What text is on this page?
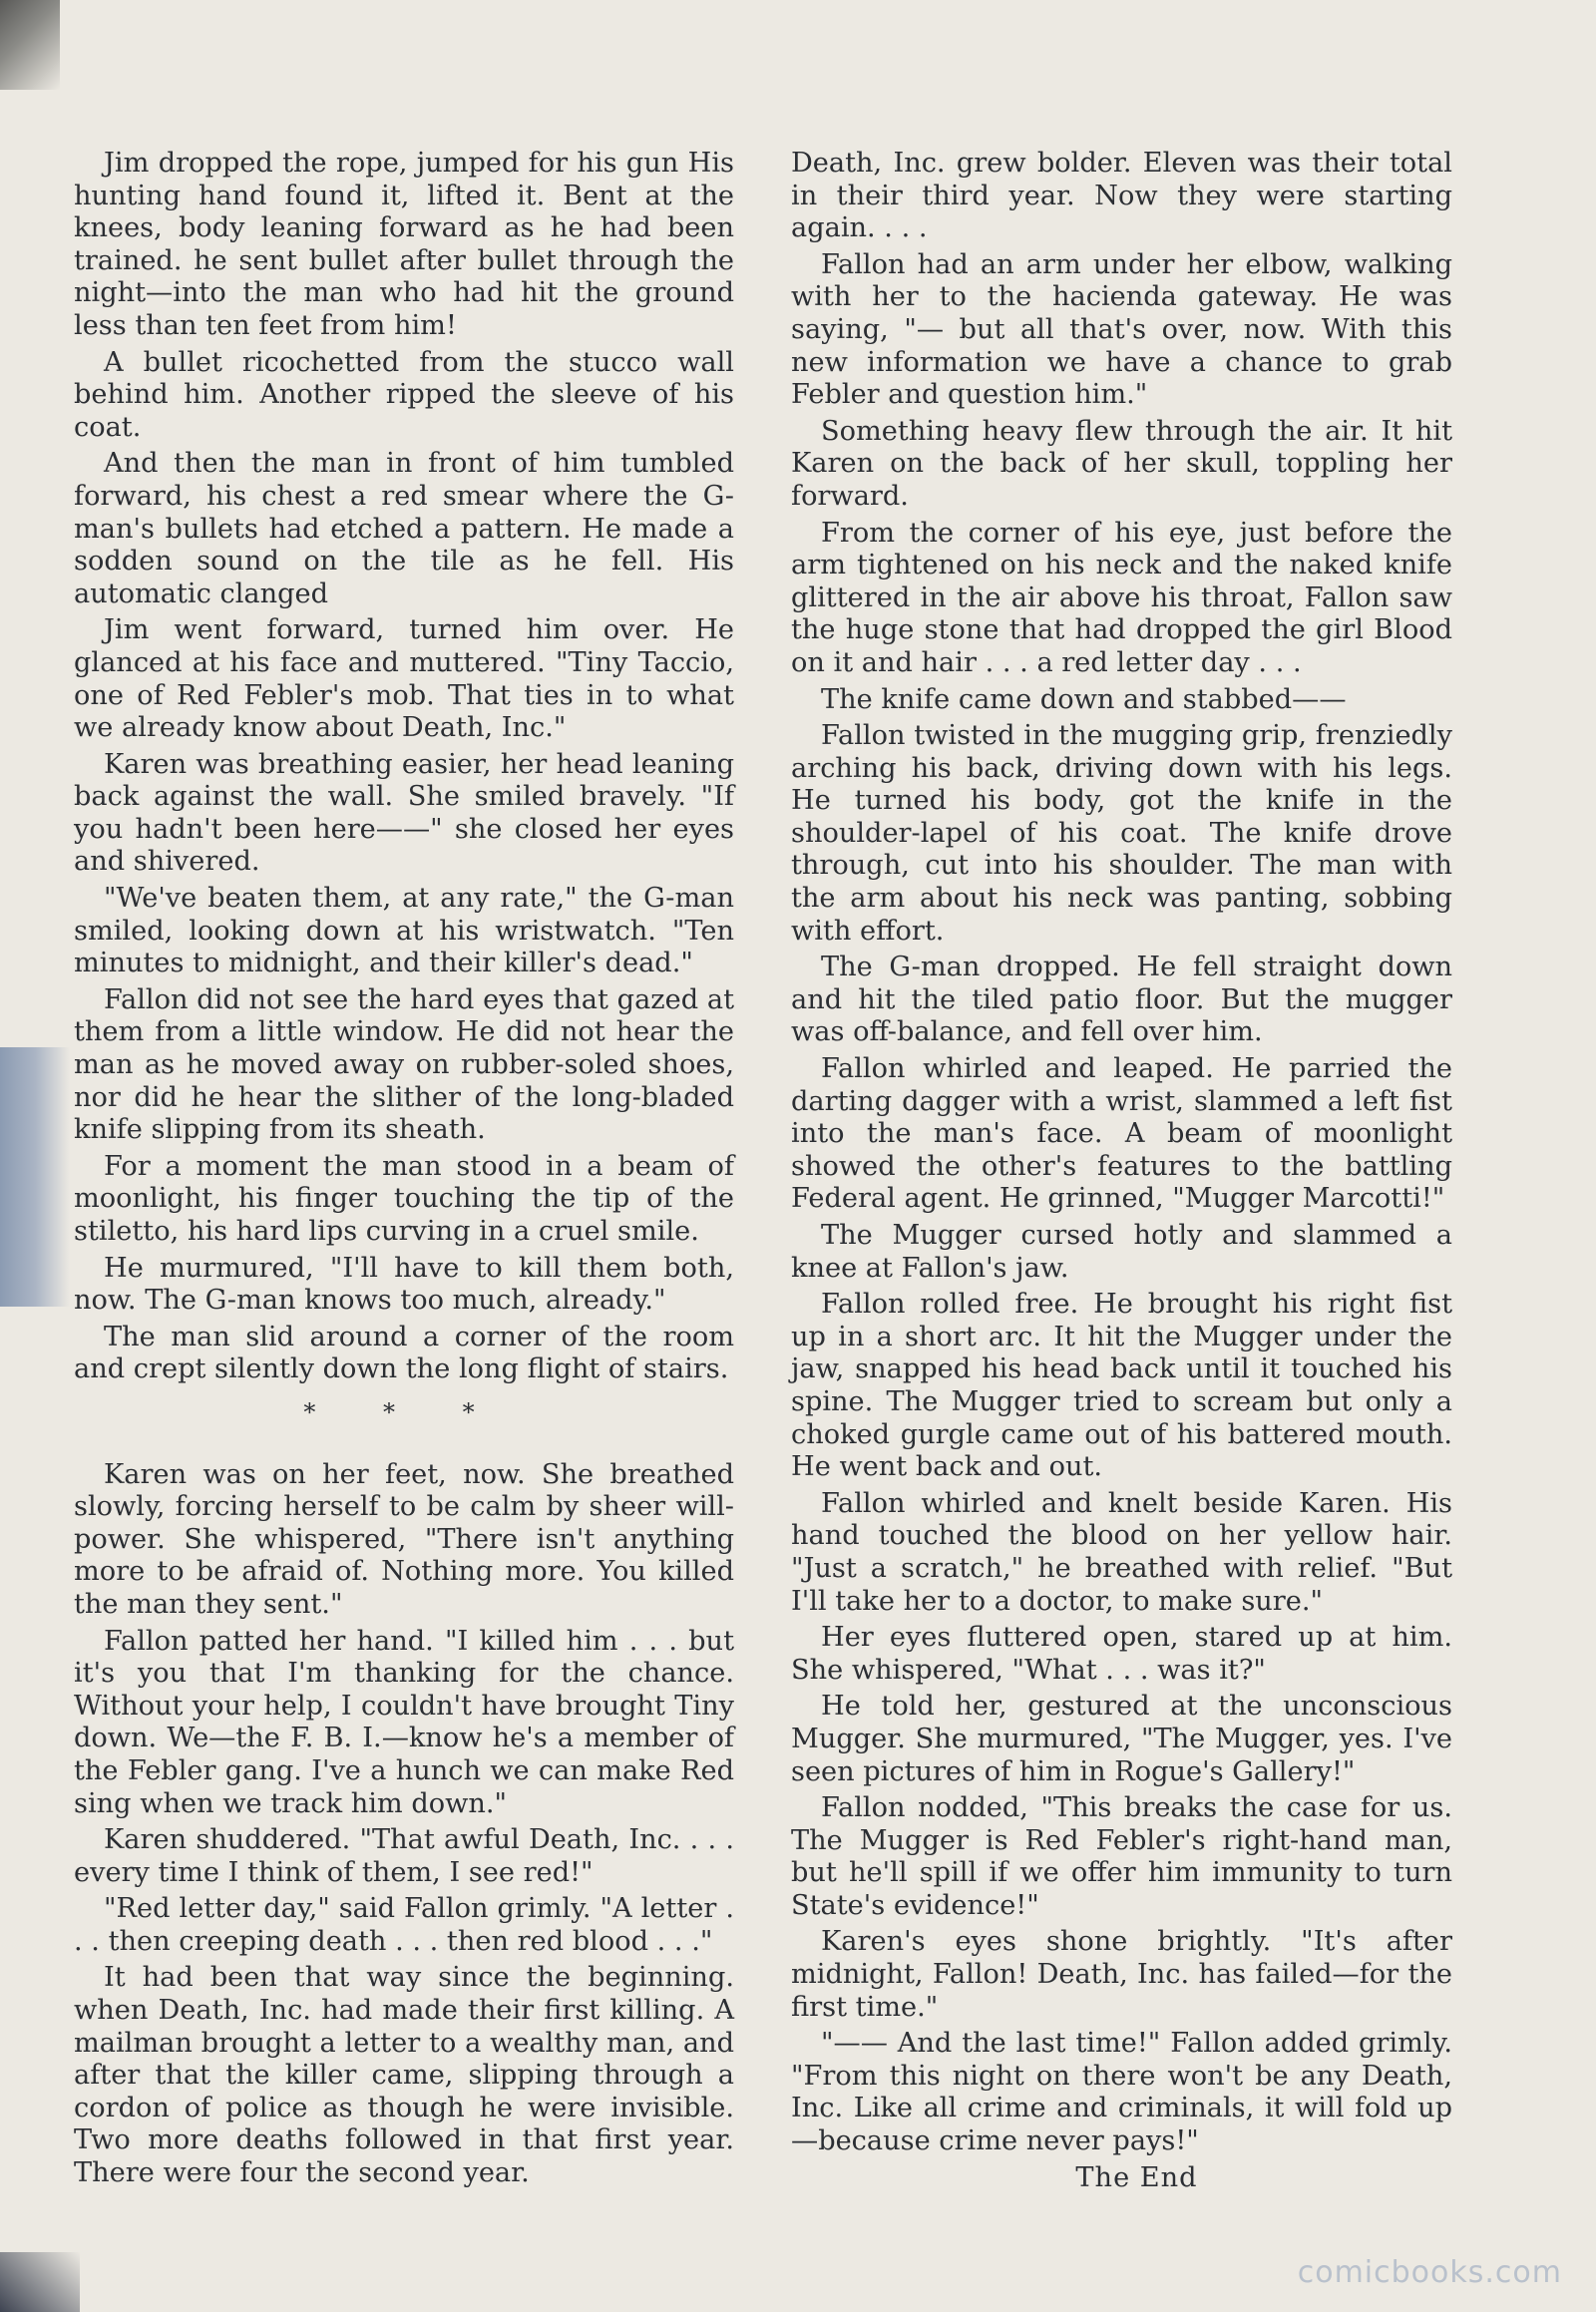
Jim dropped the rope, jumped for his gun His hunting hand found it, lifted it. Bent at the knees, body leaning forward as he had been trained. he sent bullet after bullet through the night—into the man who had hit the ground less than ten feet from him!

A bullet ricochetted from the stucco wall behind him. Another ripped the sleeve of his coat.

And then the man in front of him tumbled forward, his chest a red smear where the G-man's bullets had etched a pattern. He made a sodden sound on the tile as he fell. His automatic clanged

Jim went forward, turned him over. He glanced at his face and muttered. "Tiny Taccio, one of Red Febler's mob. That ties in to what we already know about Death, Inc."

Karen was breathing easier, her head leaning back against the wall. She smiled bravely. "If you hadn't been here——" she closed her eyes and shivered.

"We've beaten them, at any rate," the G-man smiled, looking down at his wristwatch. "Ten minutes to midnight, and their killer's dead."

Fallon did not see the hard eyes that gazed at them from a little window. He did not hear the man as he moved away on rubber-soled shoes, nor did he hear the slither of the long-bladed knife slipping from its sheath.

For a moment the man stood in a beam of moonlight, his finger touching the tip of the stiletto, his hard lips curving in a cruel smile.

He murmured, "I'll have to kill them both, now. The G-man knows too much, already."

The man slid around a corner of the room and crept silently down the long flight of stairs.

* * *

Karen was on her feet, now. She breathed slowly, forcing herself to be calm by sheer will-power. She whispered, "There isn't anything more to be afraid of. Nothing more. You killed the man they sent."

Fallon patted her hand. "I killed him . . . but it's you that I'm thanking for the chance. Without your help, I couldn't have brought Tiny down. We—the F. B. I.—know he's a member of the Febler gang. I've a hunch we can make Red sing when we track him down."

Karen shuddered. "That awful Death, Inc. . . . every time I think of them, I see red!"

"Red letter day," said Fallon grimly. "A letter . . . then creeping death . . . then red blood . . ."

It had been that way since the beginning. when Death, Inc. had made their first killing. A mailman brought a letter to a wealthy man, and after that the killer came, slipping through a cordon of police as though he were invisible. Two more deaths followed in that first year. There were four the second year.

Death, Inc. grew bolder. Eleven was their total in their third year. Now they were starting again. . . .

Fallon had an arm under her elbow, walking with her to the hacienda gateway. He was saying, "— but all that's over, now. With this new information we have a chance to grab Febler and question him."

Something heavy flew through the air. It hit Karen on the back of her skull, toppling her forward.

From the corner of his eye, just before the arm tightened on his neck and the naked knife glittered in the air above his throat, Fallon saw the huge stone that had dropped the girl Blood on it and hair . . . a red letter day . . .

The knife came down and stabbed——

Fallon twisted in the mugging grip, frenziedly arching his back, driving down with his legs. He turned his body, got the knife in the shoulder-lapel of his coat. The knife drove through, cut into his shoulder. The man with the arm about his neck was panting, sobbing with effort.

The G-man dropped. He fell straight down and hit the tiled patio floor. But the mugger was off-balance, and fell over him.

Fallon whirled and leaped. He parried the darting dagger with a wrist, slammed a left fist into the man's face. A beam of moonlight showed the other's features to the battling Federal agent. He grinned, "Mugger Marcotti!"

The Mugger cursed hotly and slammed a knee at Fallon's jaw.

Fallon rolled free. He brought his right fist up in a short arc. It hit the Mugger under the jaw, snapped his head back until it touched his spine. The Mugger tried to scream but only a choked gurgle came out of his battered mouth. He went back and out.

Fallon whirled and knelt beside Karen. His hand touched the blood on her yellow hair. "Just a scratch," he breathed with relief. "But I'll take her to a doctor, to make sure."

Her eyes fluttered open, stared up at him. She whispered, "What . . . was it?"

He told her, gestured at the unconscious Mugger. She murmured, "The Mugger, yes. I've seen pictures of him in Rogue's Gallery!"

Fallon nodded, "This breaks the case for us. The Mugger is Red Febler's right-hand man, but he'll spill if we offer him immunity to turn State's evidence!"

Karen's eyes shone brightly. "It's after midnight, Fallon! Death, Inc. has failed—for the first time."

"—— And the last time!" Fallon added grimly. "From this night on there won't be any Death, Inc. Like all crime and criminals, it will fold up—because crime never pays!"

The End

comicbooks.com
